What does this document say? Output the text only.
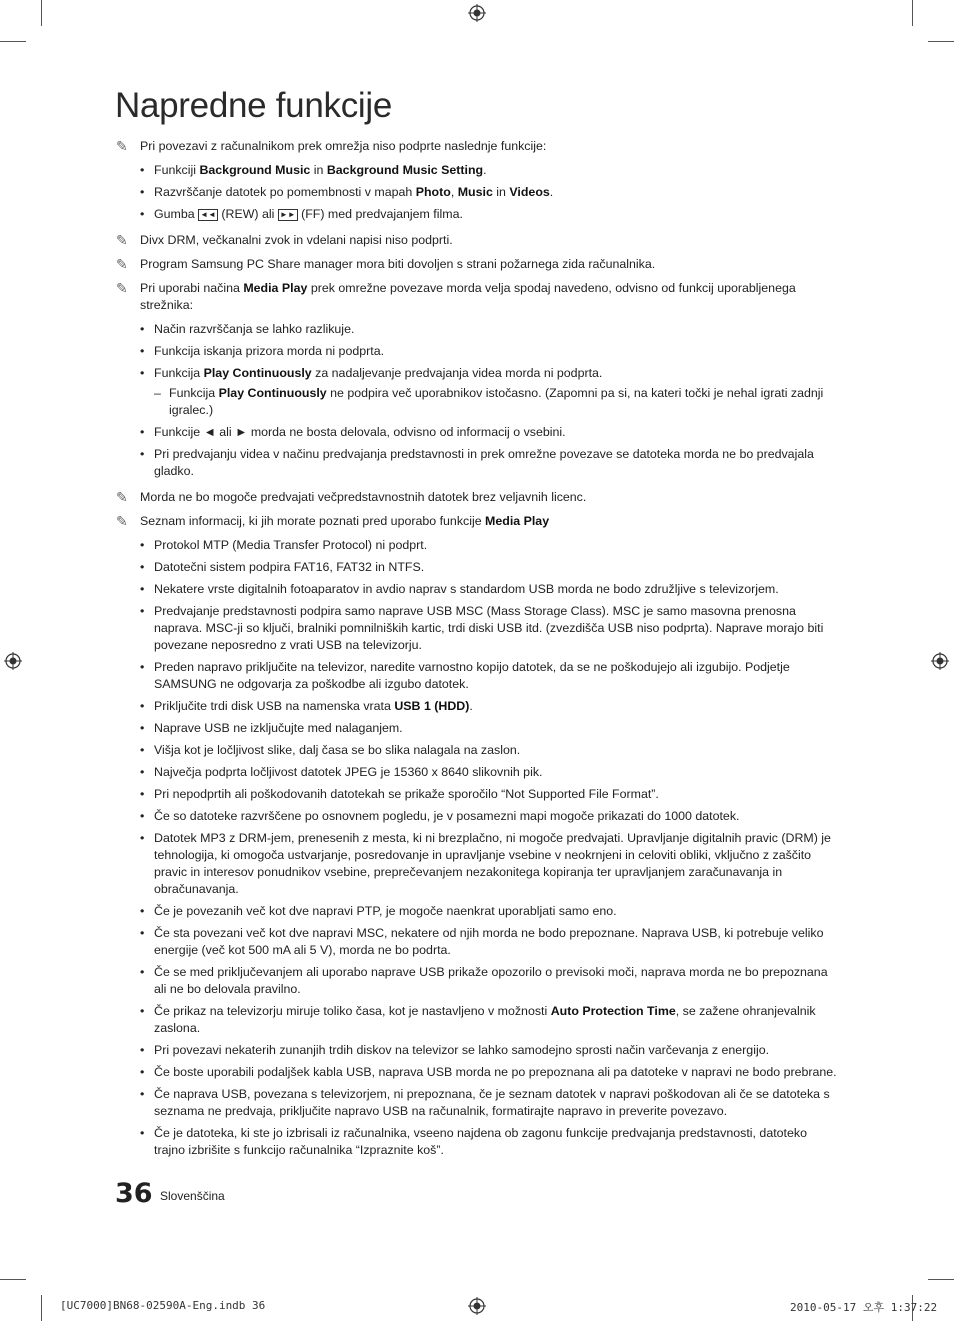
Napredne funkcije
✎ Pri povezavi z računalnikom prek omrežja niso podprte naslednje funkcije:
• Funkciji Background Music in Background Music Setting.
• Razvrščanje datotek po pomembnosti v mapah Photo, Music in Videos.
• Gumba ◄◄ (REW) ali ►► (FF) med predvajanjem filma.
✎ Divx DRM, večkanalni zvok in vdelani napisi niso podprti.
✎ Program Samsung PC Share manager mora biti dovoljen s strani požarnega zida računalnika.
✎ Pri uporabi načina Media Play prek omrežne povezave morda velja spodaj navedeno, odvisno od funkcij uporabljenega strežnika:
• Način razvrščanja se lahko razlikuje.
• Funkcija iskanja prizora morda ni podprta.
• Funkcija Play Continuously za nadaljevanje predvajanja videa morda ni podprta.
– Funkcija Play Continuously ne podpira več uporabnikov istočasno. (Zapomni pa si, na kateri točki je nehal igrati zadnji igralec.)
• Funkcije ◄ ali ► morda ne bosta delovala, odvisno od informacij o vsebini.
• Pri predvajanju videa v načinu predvajanja predstavnosti in prek omrežne povezave se datoteka morda ne bo predvajala gladko.
✎ Morda ne bo mogoče predvajati večpredstavnostnih datotek brez veljavnih licenc.
✎ Seznam informacij, ki jih morate poznati pred uporabo funkcije Media Play
• Protokol MTP (Media Transfer Protocol) ni podprt.
• Datotečni sistem podpira FAT16, FAT32 in NTFS.
• Nekatere vrste digitalnih fotoaparatov in avdio naprav s standardom USB morda ne bodo združljive s televizorjem.
• Predvajanje predstavnosti podpira samo naprave USB MSC (Mass Storage Class). MSC je samo masovna prenosna naprava. MSC-ji so ključi, bralniki pomnilniških kartic, trdi diski USB itd. (zvezdišča USB niso podprta). Naprave morajo biti povezane neposredno z vrati USB na televizorju.
• Preden napravo priključite na televizor, naredite varnostno kopijo datotek, da se ne poškodujejo ali izgubijo. Podjetje SAMSUNG ne odgovarja za poškodbe ali izgubo datotek.
• Priključite trdi disk USB na namenska vrata USB 1 (HDD).
• Naprave USB ne izključujte med nalaganjem.
• Višja kot je ločljivost slike, dalj časa se bo slika nalagala na zaslon.
• Največja podprta ločljivost datotek JPEG je 15360 x 8640 slikovnih pik.
• Pri nepodprtih ali poškodovanih datotekah se prikaže sporočilo “Not Supported File Format”.
• Če so datoteke razvrščene po osnovnem pogledu, je v posamezni mapi mogoče prikazati do 1000 datotek.
• Datotek MP3 z DRM-jem, prenesenih z mesta, ki ni brezplačno, ni mogoče predvajati. Upravljanje digitalnih pravic (DRM) je tehnologija, ki omogoča ustvarjanje, posredovanje in upravljanje vsebine v neokrnjeni in celoviti obliki, vključno z zaščito pravic in interesov ponudnikov vsebine, preprečevanjem nezakonitega kopiranja ter upravljanjem zaračunavanja in obračunavanja.
• Če je povezanih več kot dve napravi PTP, je mogoče naenkrat uporabljati samo eno.
• Če sta povezani več kot dve napravi MSC, nekatere od njih morda ne bodo prepoznane. Naprava USB, ki potrebuje veliko energije (več kot 500 mA ali 5 V), morda ne bo podrta.
• Če se med priključevanjem ali uporabo naprave USB prikaže opozorilo o previsoki moči, naprava morda ne bo prepoznana ali ne bo delovala pravilno.
• Če prikaz na televizorju miruje toliko časa, kot je nastavljeno v možnosti Auto Protection Time, se zažene ohranjevalnik zaslona.
• Pri povezavi nekaterih zunanjih trdih diskov na televizor se lahko samodejno sprosti način varčevanja z energijo.
• Če boste uporabili podaljšek kabla USB, naprava USB morda ne po prepoznana ali pa datoteke v napravi ne bodo prebrane.
• Če naprava USB, povezana s televizorjem, ni prepoznana, če je seznam datotek v napravi poškodovan ali če se datoteka s seznama ne predvaja, priključite napravo USB na računalnik, formatirajte napravo in preverite povezavo.
• Če je datoteka, ki ste jo izbrisali iz računalnika, vseeno najdena ob zagonu funkcije predvajanja predstavnosti, datoteko trajno izbrišite s funkcijo računalnika “Izpraznite koš”.
36 Slovenščina
[UC7000]BN68-02590A-Eng.indb 36	2010-05-17 오후 1:37:22
